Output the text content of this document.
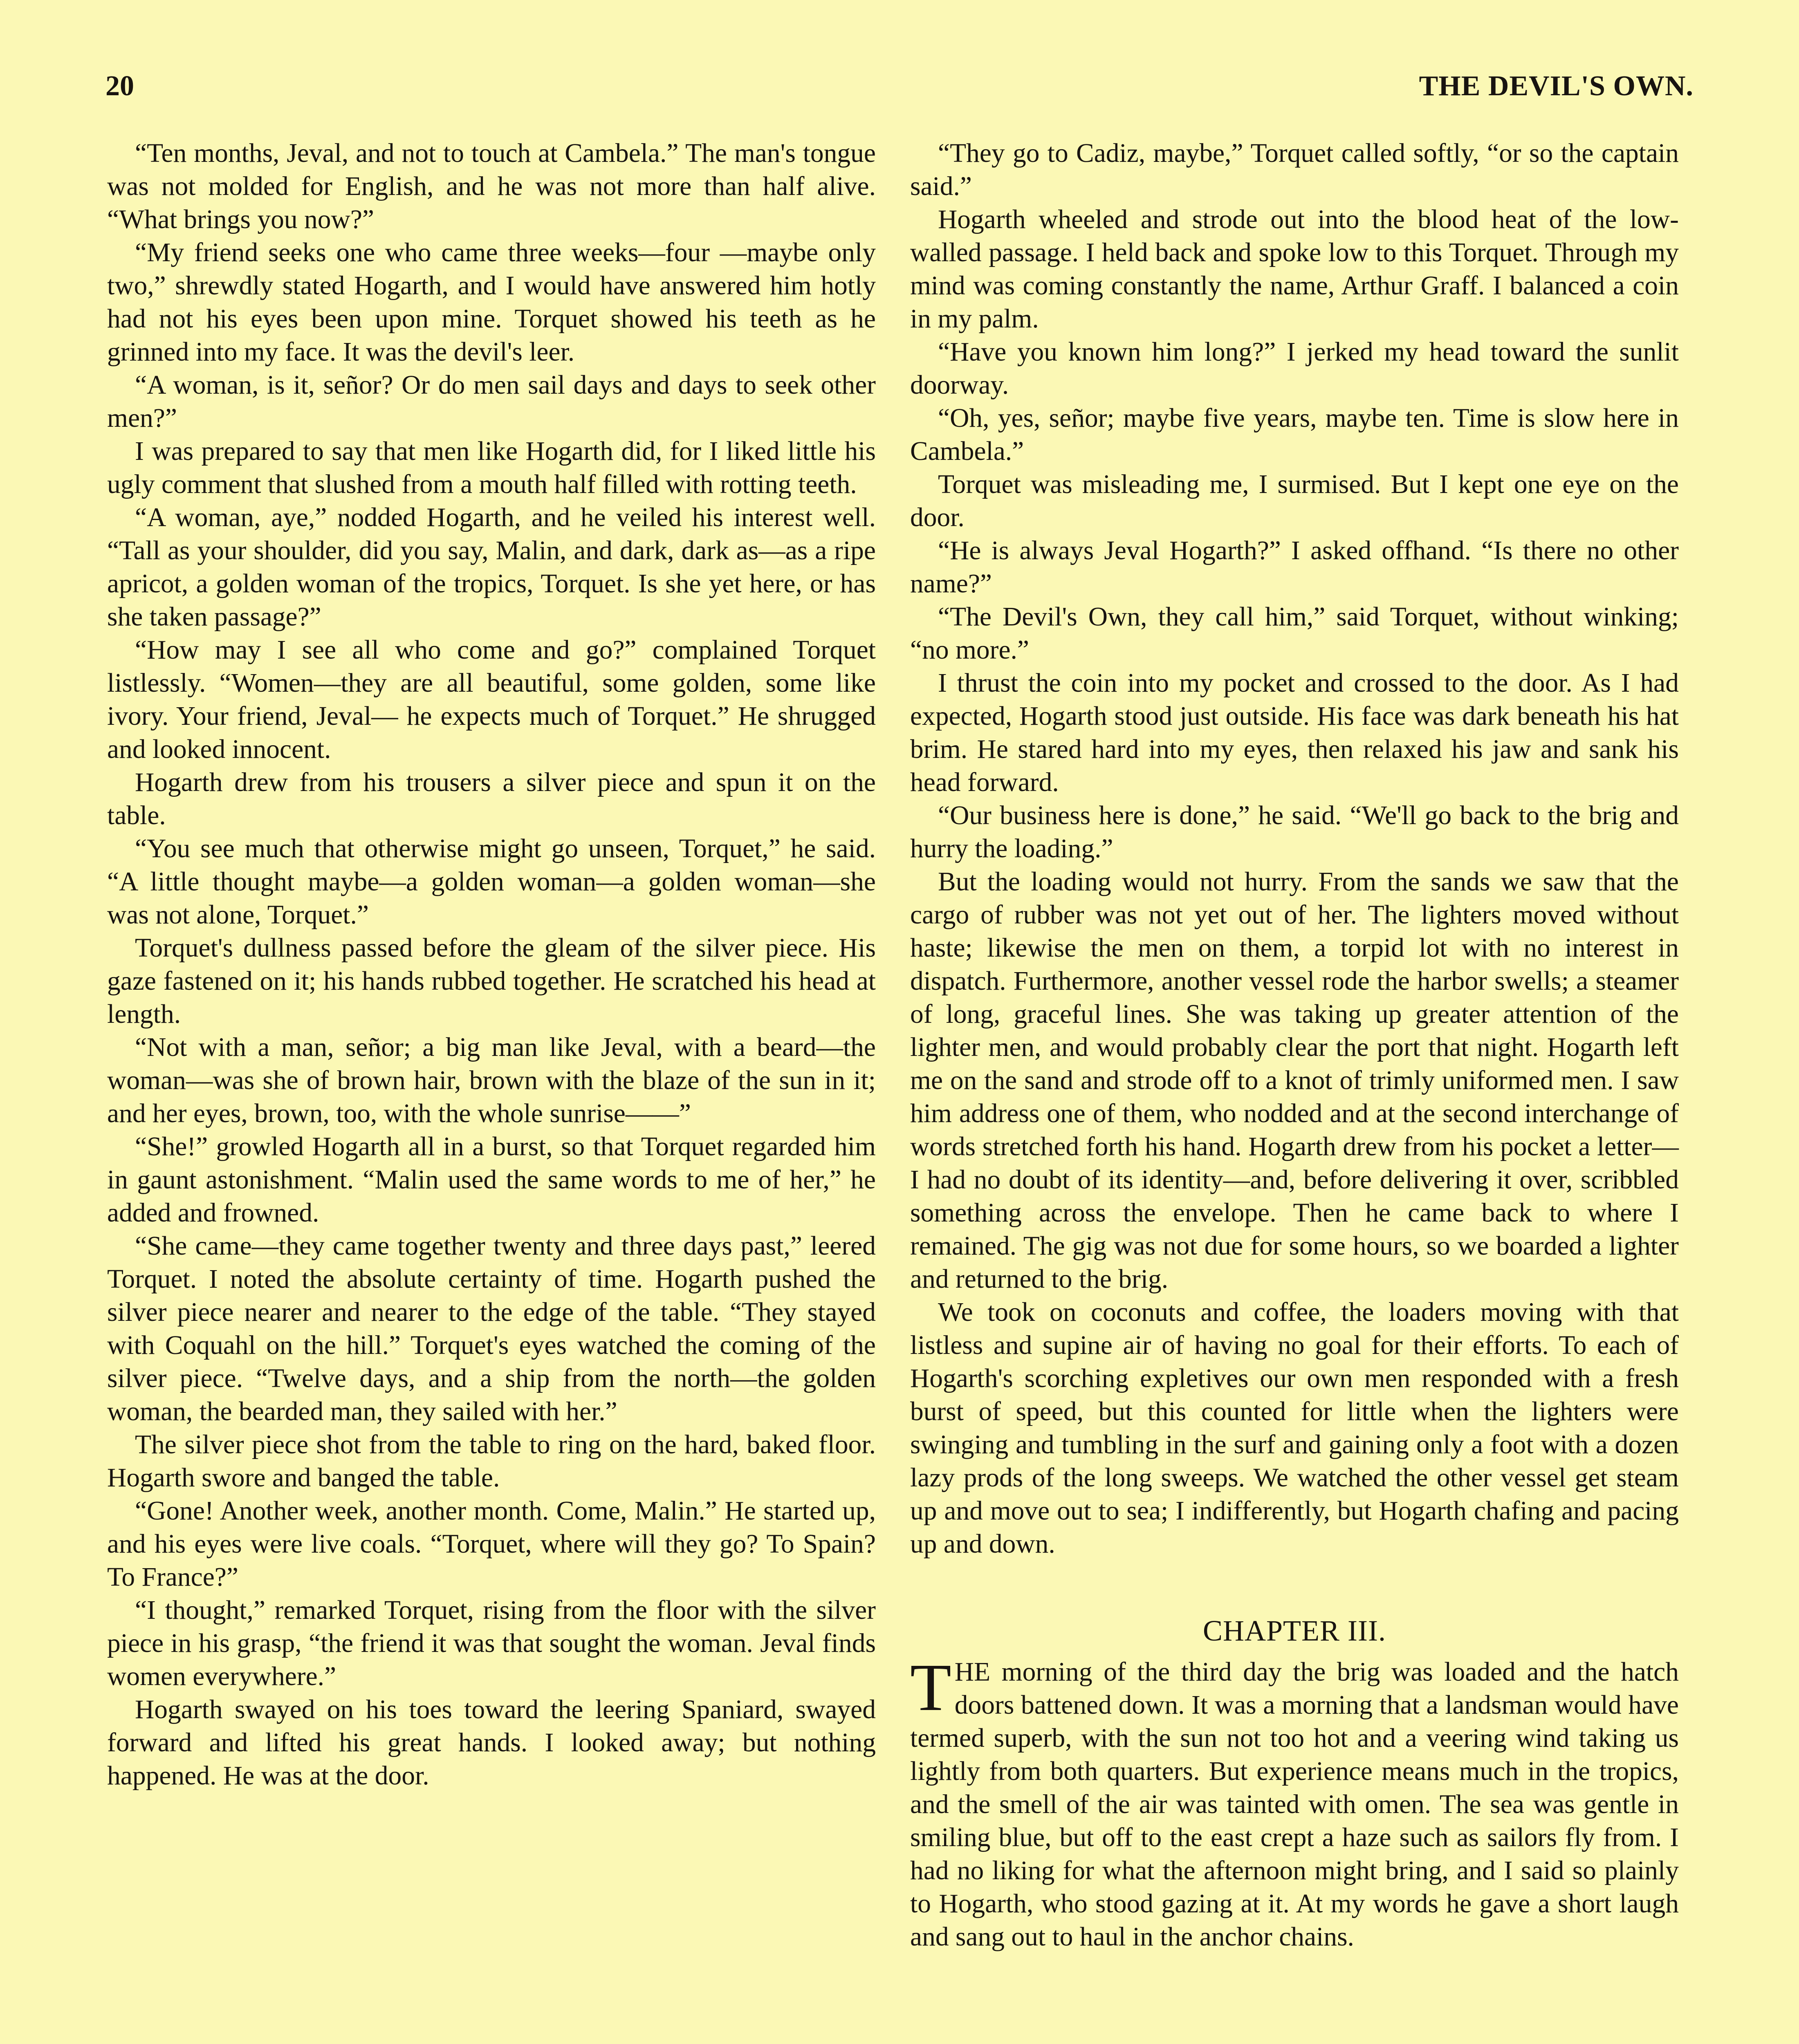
20	THE DEVIL'S OWN.

“Ten months, Jeval, and not to touch at Cambela.” The man's tongue was not molded for English, and he was not more than half alive. “What brings you now?”

“My friend seeks one who came three weeks—four —maybe only two,” shrewdly stated Hogarth, and I would have answered him hotly had not his eyes been upon mine. Torquet showed his teeth as he grinned into my face. It was the devil's leer.

“A woman, is it, señor? Or do men sail days and days to seek other men?”

I was prepared to say that men like Hogarth did, for I liked little his ugly comment that slushed from a mouth half filled with rotting teeth.

“A woman, aye,” nodded Hogarth, and he veiled his interest well. “Tall as your shoulder, did you say, Malin, and dark, dark as—as a ripe apricot, a golden woman of the tropics, Torquet. Is she yet here, or has she taken passage?”

“How may I see all who come and go?” complained Torquet listlessly. “Women—they are all beautiful, some golden, some like ivory. Your friend, Jeval— he expects much of Torquet.” He shrugged and looked innocent.

Hogarth drew from his trousers a silver piece and spun it on the table.

“You see much that otherwise might go unseen, Torquet,” he said. “A little thought maybe—a golden woman—a golden woman—she was not alone, Torquet.”

Torquet's dullness passed before the gleam of the silver piece. His gaze fastened on it; his hands rubbed together. He scratched his head at length.

“Not with a man, señor; a big man like Jeval, with a beard—the woman—was she of brown hair, brown with the blaze of the sun in it; and her eyes, brown, too, with the whole sunrise——”

“She!” growled Hogarth all in a burst, so that Torquet regarded him in gaunt astonishment. “Malin used the same words to me of her,” he added and frowned.

“She came—they came together twenty and three days past,” leered Torquet. I noted the absolute certainty of time. Hogarth pushed the silver piece nearer and nearer to the edge of the table. “They stayed with Coquahl on the hill.” Torquet's eyes watched the coming of the silver piece. “Twelve days, and a ship from the north—the golden woman, the bearded man, they sailed with her.”

The silver piece shot from the table to ring on the hard, baked floor. Hogarth swore and banged the table.

“Gone! Another week, another month. Come, Malin.” He started up, and his eyes were live coals. “Torquet, where will they go? To Spain? To France?”

“I thought,” remarked Torquet, rising from the floor with the silver piece in his grasp, “the friend it was that sought the woman. Jeval finds women everywhere.”

Hogarth swayed on his toes toward the leering Spaniard, swayed forward and lifted his great hands. I looked away; but nothing happened. He was at the door.

“They go to Cadiz, maybe,” Torquet called softly, “or so the captain said.”

Hogarth wheeled and strode out into the blood heat of the low-walled passage. I held back and spoke low to this Torquet. Through my mind was coming constantly the name, Arthur Graff. I balanced a coin in my palm.

“Have you known him long?” I jerked my head toward the sunlit doorway.

“Oh, yes, señor; maybe five years, maybe ten. Time is slow here in Cambela.”

Torquet was misleading me, I surmised. But I kept one eye on the door.

“He is always Jeval Hogarth?” I asked offhand. “Is there no other name?”

“The Devil's Own, they call him,” said Torquet, without winking; “no more.”

I thrust the coin into my pocket and crossed to the door. As I had expected, Hogarth stood just outside. His face was dark beneath his hat brim. He stared hard into my eyes, then relaxed his jaw and sank his head forward.

“Our business here is done,” he said. “We'll go back to the brig and hurry the loading.”

But the loading would not hurry. From the sands we saw that the cargo of rubber was not yet out of her. The lighters moved without haste; likewise the men on them, a torpid lot with no interest in dispatch. Furthermore, another vessel rode the harbor swells; a steamer of long, graceful lines. She was taking up greater attention of the lighter men, and would probably clear the port that night. Hogarth left me on the sand and strode off to a knot of trimly uniformed men. I saw him address one of them, who nodded and at the second interchange of words stretched forth his hand. Hogarth drew from his pocket a letter—I had no doubt of its identity—and, before delivering it over, scribbled something across the envelope. Then he came back to where I remained. The gig was not due for some hours, so we boarded a lighter and returned to the brig.

We took on coconuts and coffee, the loaders moving with that listless and supine air of having no goal for their efforts. To each of Hogarth's scorching expletives our own men responded with a fresh burst of speed, but this counted for little when the lighters were swinging and tumbling in the surf and gaining only a foot with a dozen lazy prods of the long sweeps. We watched the other vessel get steam up and move out to sea; I indifferently, but Hogarth chafing and pacing up and down.

CHAPTER III.

THE morning of the third day the brig was loaded and the hatch doors battened down. It was a morning that a landsman would have termed superb, with the sun not too hot and a veering wind taking us lightly from both quarters. But experience means much in the tropics, and the smell of the air was tainted with omen. The sea was gentle in smiling blue, but off to the east crept a haze such as sailors fly from. I had no liking for what the afternoon might bring, and I said so plainly to Hogarth, who stood gazing at it. At my words he gave a short laugh and sang out to haul in the anchor chains.
